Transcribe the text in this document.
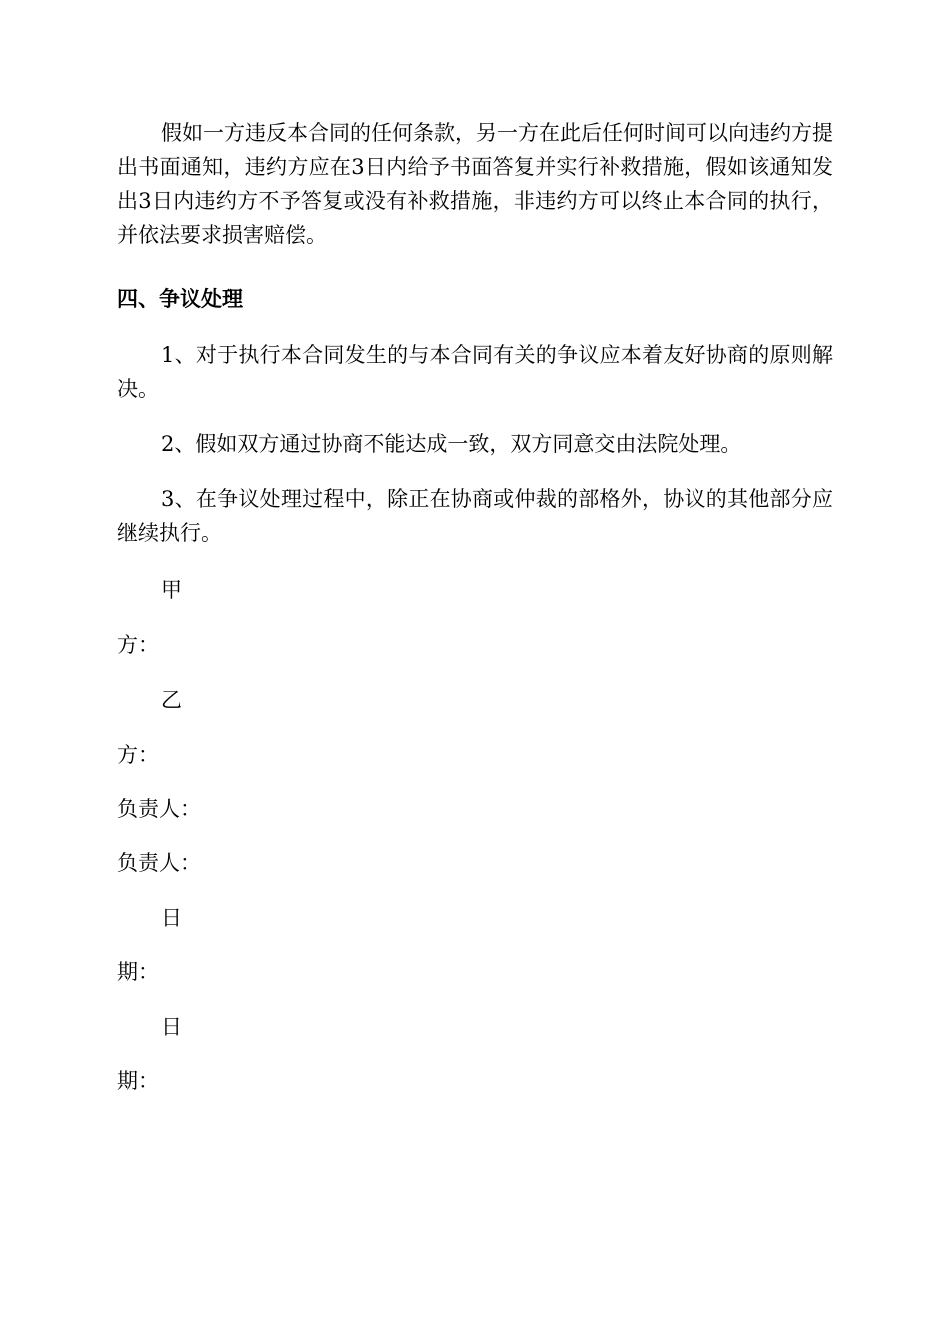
假如一方违反本合同的任何条款，另一方在此后任何时间可以向违约方提出书面通知，违约方应在3日内给予书面答复并实行补救措施，假如该通知发出3日内违约方不予答复或没有补救措施，非违约方可以终止本合同的执行，并依法要求损害赔偿。

四、争议处理

1、对于执行本合同发生的与本合同有关的争议应本着友好协商的原则解决。

2、假如双方通过协商不能达成一致，双方同意交由法院处理。

3、在争议处理过程中，除正在协商或仲裁的部格外，协议的其他部分应继续执行。

甲

方：

乙

方：

负责人：

负责人：

日

期：

日

期：
